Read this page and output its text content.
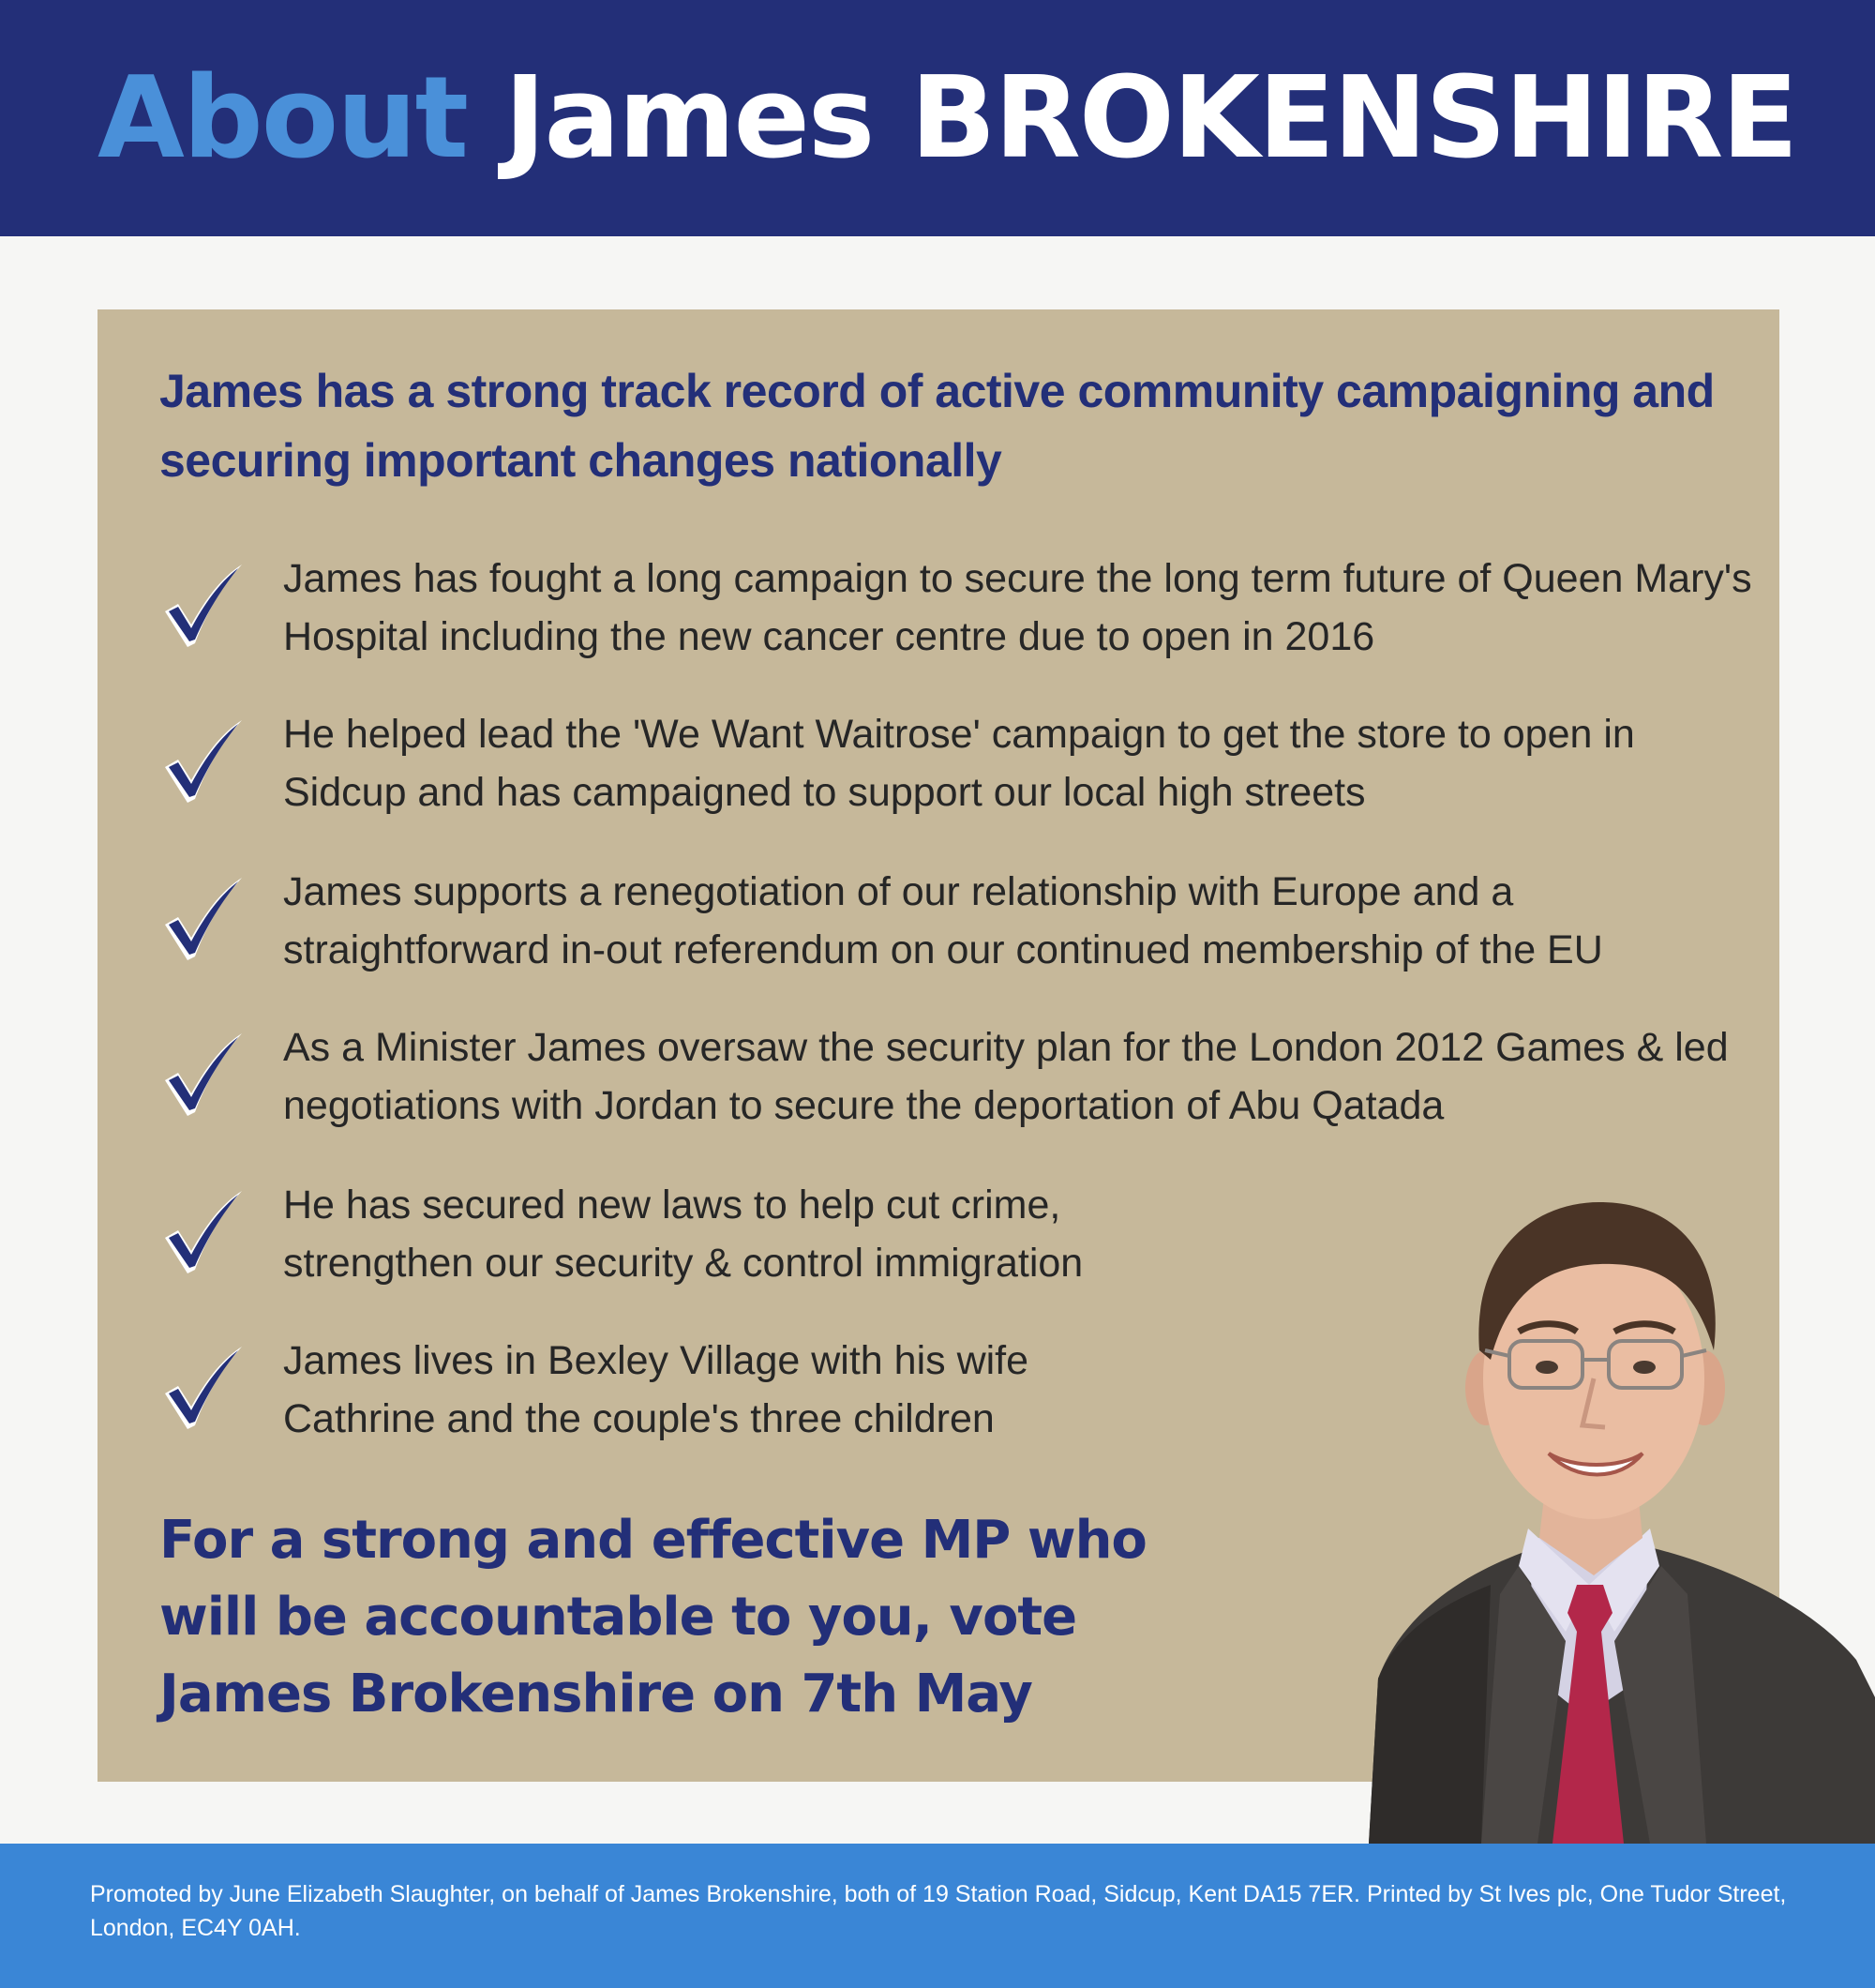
About James BROKENSHIRE
James has a strong track record of active community campaigning and securing important changes nationally
James has fought a long campaign to secure the long term future of Queen Mary's Hospital including the new cancer centre due to open in 2016
He helped lead the 'We Want Waitrose' campaign to get the store to open in Sidcup and has campaigned to support our local high streets
James supports a renegotiation of our relationship with Europe and a straightforward in-out referendum on our continued membership of the EU
As a Minister James oversaw the security plan for the London 2012 Games & led negotiations with Jordan to secure the deportation of Abu Qatada
He has secured new laws to help cut crime, strengthen our security & control immigration
James lives in Bexley Village with his wife Cathrine and the couple's three children
For a strong and effective MP who will be accountable to you, vote James Brokenshire on 7th May

Promoted by June Elizabeth Slaughter, on behalf of James Brokenshire, both of 19 Station Road, Sidcup, Kent DA15 7ER. Printed by St Ives plc, One Tudor Street, London, EC4Y 0AH.
